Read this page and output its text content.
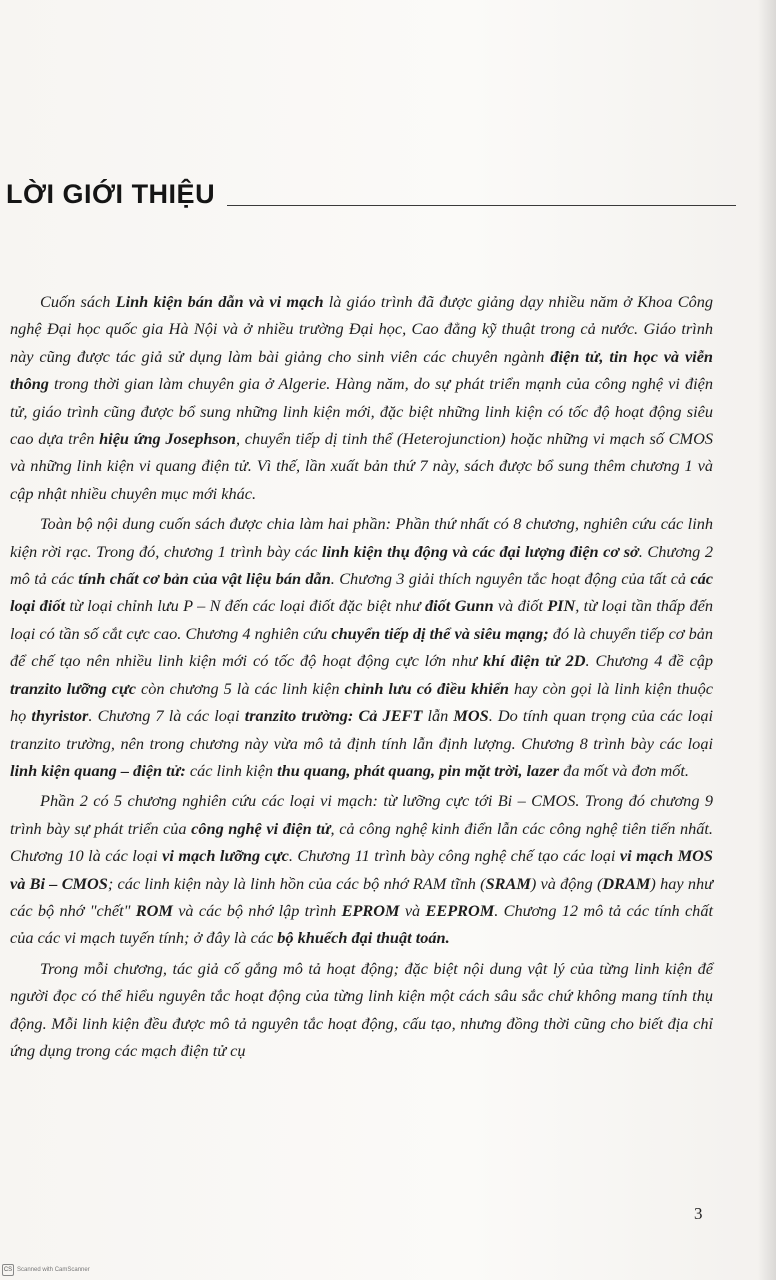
LỜI GIỚI THIỆU

Cuốn sách Linh kiện bán dẫn và vi mạch là giáo trình đã được giảng dạy nhiều năm ở Khoa Công nghệ Đại học quốc gia Hà Nội và ở nhiều trường Đại học, Cao đẳng kỹ thuật trong cả nước. Giáo trình này cũng được tác giả sử dụng làm bài giảng cho sinh viên các chuyên ngành điện tử, tin học và viễn thông trong thời gian làm chuyên gia ở Algerie. Hàng năm, do sự phát triển mạnh của công nghệ vi điện tử, giáo trình cũng được bổ sung những linh kiện mới, đặc biệt những linh kiện có tốc độ hoạt động siêu cao dựa trên hiệu ứng Josephson, chuyển tiếp dị tinh thể (Heterojunction) hoặc những vi mạch số CMOS và những linh kiện vi quang điện tử. Vì thế, lần xuất bản thứ 7 này, sách được bổ sung thêm chương 1 và cập nhật nhiều chuyên mục mới khác.

Toàn bộ nội dung cuốn sách được chia làm hai phần: Phần thứ nhất có 8 chương, nghiên cứu các linh kiện rời rạc. Trong đó, chương 1 trình bày các linh kiện thụ động và các đại lượng điện cơ sở. Chương 2 mô tả các tính chất cơ bản của vật liệu bán dẫn. Chương 3 giải thích nguyên tắc hoạt động của tất cả các loại điốt từ loại chỉnh lưu P – N đến các loại điốt đặc biệt như điốt Gunn và điốt PIN, từ loại tần thấp đến loại có tần số cắt cực cao. Chương 4 nghiên cứu chuyển tiếp dị thể và siêu mạng; đó là chuyển tiếp cơ bản để chế tạo nên nhiều linh kiện mới có tốc độ hoạt động cực lớn như khí điện tử 2D. Chương 4 đề cập tranzito lưỡng cực còn chương 5 là các linh kiện chỉnh lưu có điều khiển hay còn gọi là linh kiện thuộc họ thyristor. Chương 7 là các loại tranzito trường: Cả JEFT lẫn MOS. Do tính quan trọng của các loại tranzito trường, nên trong chương này vừa mô tả định tính lẫn định lượng. Chương 8 trình bày các loại linh kiện quang – điện tử: các linh kiện thu quang, phát quang, pin mặt trời, lazer đa mốt và đơn mốt.

Phần 2 có 5 chương nghiên cứu các loại vi mạch: từ lưỡng cực tới Bi – CMOS. Trong đó chương 9 trình bày sự phát triển của công nghệ vi điện tử, cả công nghệ kinh điển lẫn các công nghệ tiên tiến nhất. Chương 10 là các loại vi mạch lưỡng cực. Chương 11 trình bày công nghệ chế tạo các loại vi mạch MOS và Bi – CMOS; các linh kiện này là linh hồn của các bộ nhớ RAM tĩnh (SRAM) và động (DRAM) hay như các bộ nhớ "chết" ROM và các bộ nhớ lập trình EPROM và EEPROM. Chương 12 mô tả các tính chất của các vi mạch tuyến tính; ở đây là các bộ khuếch đại thuật toán.

Trong mỗi chương, tác giả cố gắng mô tả hoạt động; đặc biệt nội dung vật lý của từng linh kiện để người đọc có thể hiểu nguyên tắc hoạt động của từng linh kiện một cách sâu sắc chứ không mang tính thụ động. Mỗi linh kiện đều được mô tả nguyên tắc hoạt động, cấu tạo, nhưng đồng thời cũng cho biết địa chỉ ứng dụng trong các mạch điện tử cụ

3
CS Scanned with CamScanner
